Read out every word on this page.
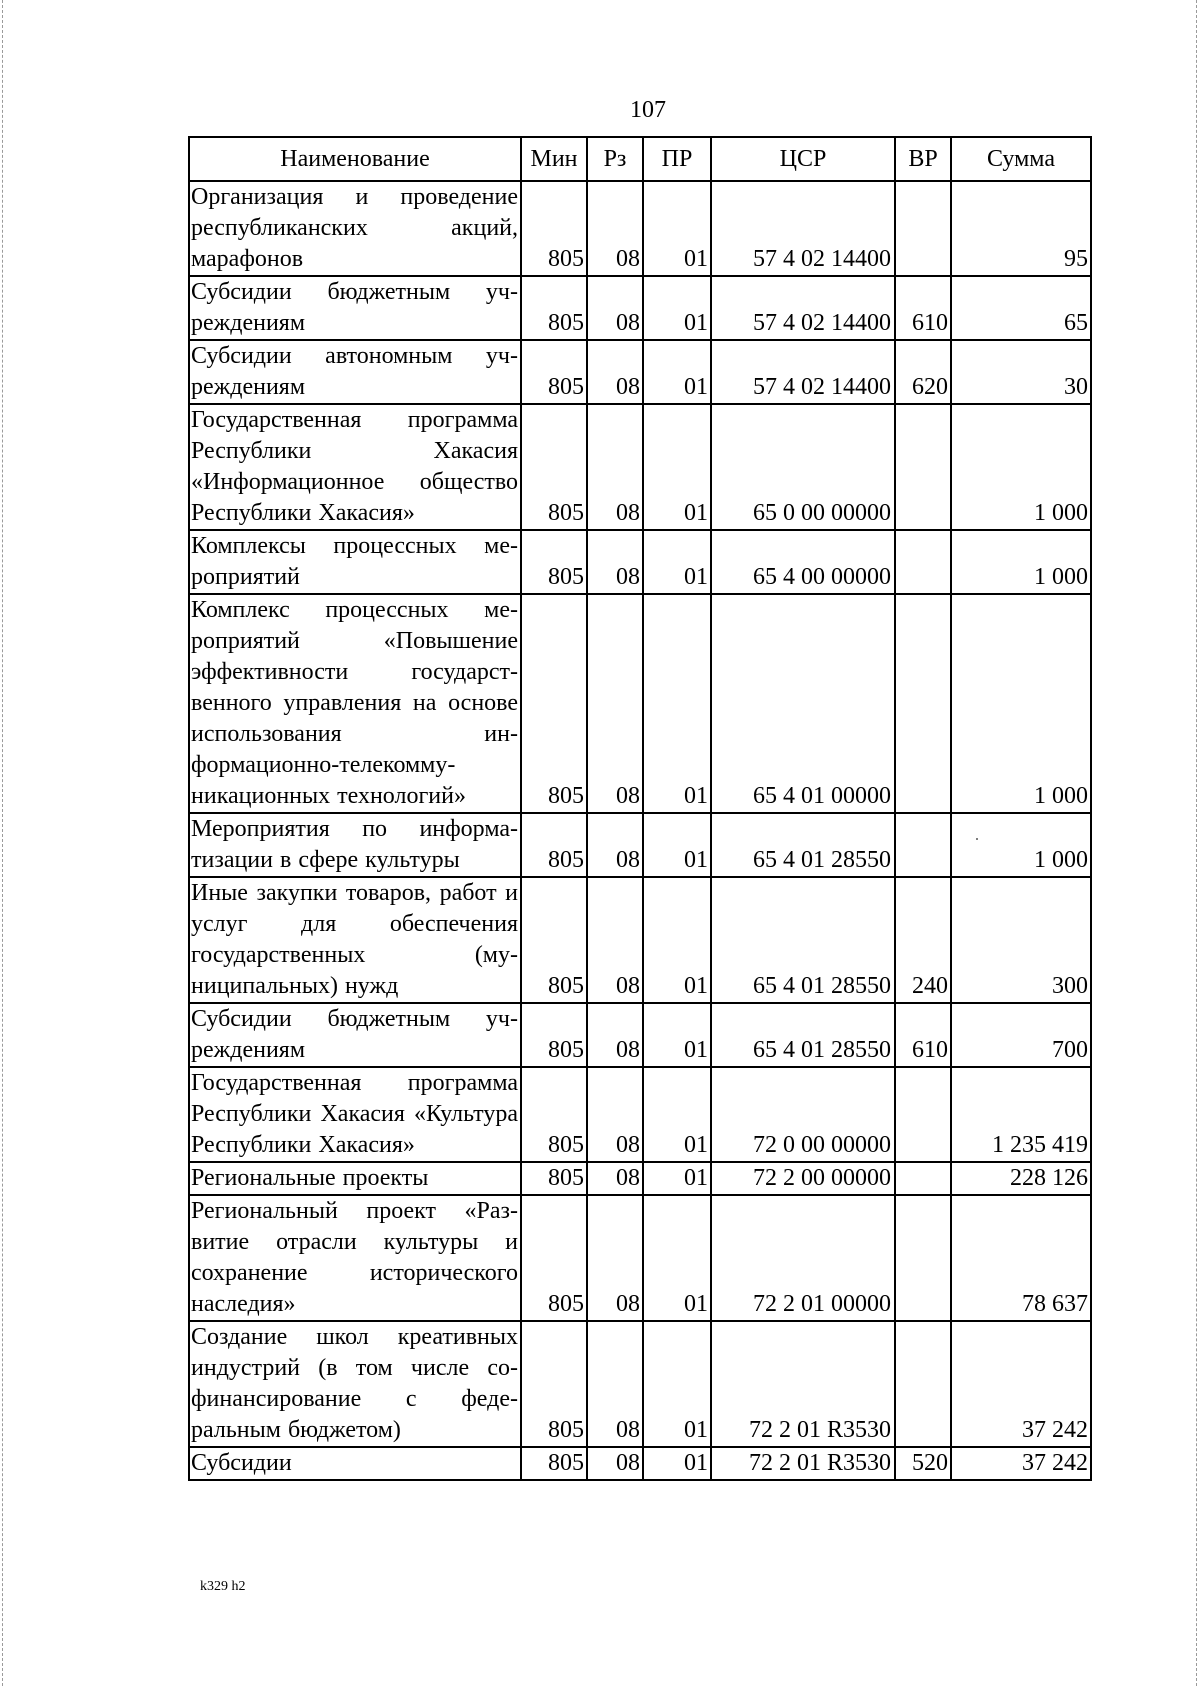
107
Наименование	Мин	Рз	ПР	ЦСР	ВР	Сумма
Организация и проведение республиканских акций, марафонов	805	08	01	57 4 02 14400		95
Субсидии бюджетным учреждениям	805	08	01	57 4 02 14400	610	65
Субсидии автономным учреждениям	805	08	01	57 4 02 14400	620	30
Государственная программа Республики Хакасия «Информационное общество Республики Хакасия»	805	08	01	65 0 00 00000		1 000
Комплексы процессных мероприятий	805	08	01	65 4 00 00000		1 000
Комплекс процессных мероприятий «Повышение эффективности государственного управления на основе использования информационно-телекоммуникационных технологий»	805	08	01	65 4 01 00000		1 000
Мероприятия по информатизации в сфере культуры	805	08	01	65 4 01 28550		1 000
Иные закупки товаров, работ и услуг для обеспечения государственных (муниципальных) нужд	805	08	01	65 4 01 28550	240	300
Субсидии бюджетным учреждениям	805	08	01	65 4 01 28550	610	700
Государственная программа Республики Хакасия «Культура Республики Хакасия»	805	08	01	72 0 00 00000		1 235 419
Региональные проекты	805	08	01	72 2 00 00000		228 126
Региональный проект «Развитие отрасли культуры и сохранение исторического наследия»	805	08	01	72 2 01 00000		78 637
Создание школ креативных индустрий (в том числе софинансирование с федеральным бюджетом)	805	08	01	72 2 01 R3530		37 242
Субсидии	805	08	01	72 2 01 R3530	520	37 242
k329 h2
